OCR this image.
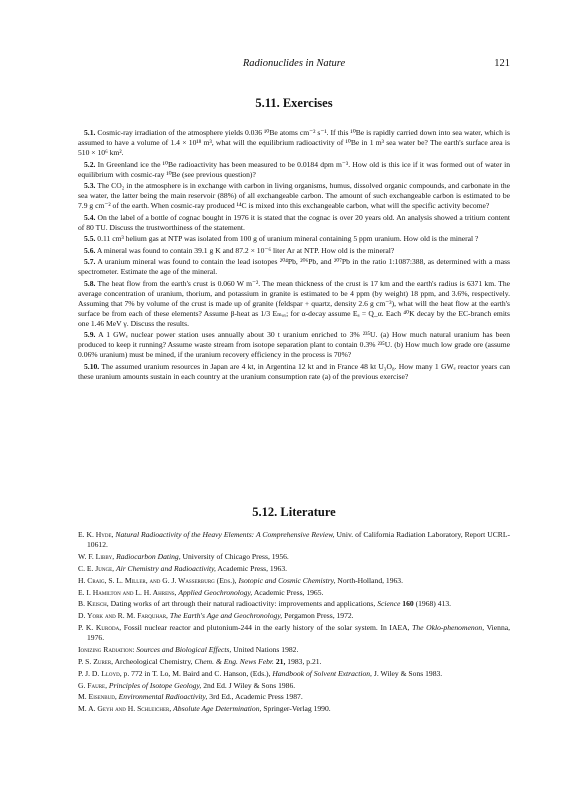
Radionuclides in Nature	121
5.11. Exercises

5.1. Cosmic-ray irradiation of the atmosphere yields 0.036 ¹⁰Be atoms cm⁻² s⁻¹. If this ¹⁰Be is rapidly carried down into sea water, which is assumed to have a volume of 1.4 × 10¹⁸ m³, what will the equilibrium radioactivity of ¹⁰Be in 1 m³ sea water be? The earth's surface area is 510 × 10⁶ km².

5.2. In Greenland ice the ¹⁰Be radioactivity has been measured to be 0.0184 dpm m⁻³. How old is this ice if it was formed out of water in equilibrium with cosmic-ray ¹⁰Be (see previous question)?

5.3. The CO₂ in the atmosphere is in exchange with carbon in living organisms, humus, dissolved organic compounds, and carbonate in the sea water, the latter being the main reservoir (88%) of all exchangeable carbon. The amount of such exchangeable carbon is estimated to be 7.9 g cm⁻² of the earth. When cosmic-ray produced ¹⁴C is mixed into this exchangeable carbon, what will the specific activity become?

5.4. On the label of a bottle of cognac bought in 1976 it is stated that the cognac is over 20 years old. An analysis showed a tritium content of 80 TU. Discuss the trustworthiness of the statement.

5.5. 0.11 cm³ helium gas at NTP was isolated from 100 g of uranium mineral containing 5 ppm uranium. How old is the mineral ?

5.6. A mineral was found to contain 39.1 g K and 87.2 × 10⁻⁶ liter Ar at NTP. How old is the mineral?

5.7. A uranium mineral was found to contain the lead isotopes ²⁰⁴Pb, ²⁰⁶Pb, and ²⁰⁷Pb in the ratio 1:1087:388, as determined with a mass spectrometer. Estimate the age of the mineral.

5.8. The heat flow from the earth's crust is 0.060 W m⁻². The mean thickness of the crust is 17 km and the earth's radius is 6371 km. The average concentration of uranium, thorium, and potassium in granite is estimated to be 4 ppm (by weight) 18 ppm, and 3.6%, respectively. Assuming that 7% by volume of the crust is made up of granite (feldspar + quartz, density 2.6 g cm⁻³), what will the heat flow at the earth's surface be from each of these elements? Assume β-heat as 1/3 Eₘₐₓ; for α-decay assume Eₐ = Q_α. Each ⁴⁰K decay by the EC-branch emits one 1.46 MeV γ. Discuss the results.

5.9. A 1 GWₑ nuclear power station uses annually about 30 t uranium enriched to 3% ²³⁵U. (a) How much natural uranium has been produced to keep it running? Assume waste stream from isotope separation plant to contain 0.3% ²³⁵U. (b) How much low grade ore (assume 0.06% uranium) must be mined, if the uranium recovery efficiency in the process is 70%?

5.10. The assumed uranium resources in Japan are 4 kt, in Argentina 12 kt and in France 48 kt U₃O₈. How many 1 GWₑ reactor years can these uranium amounts sustain in each country at the uranium consumption rate (a) of the previous exercise?

5.12. Literature

E. K. Hyde, Natural Radioactivity of the Heavy Elements: A Comprehensive Review, Univ. of California Radiation Laboratory, Report UCRL-10612.

W. F. Libby, Radiocarbon Dating, University of Chicago Press, 1956.

C. E. Junge, Air Chemistry and Radioactivity, Academic Press, 1963.

H. Craig, S. L. Miller, and G. J. Wasserburg (Eds.), Isotopic and Cosmic Chemistry, North-Holland, 1963.

E. I. Hamilton and L. H. Ahrens, Applied Geochronology, Academic Press, 1965.

B. Keisch, Dating works of art through their natural radioactivity: improvements and applications, Science 160 (1968) 413.

D. York and R. M. Farquhar, The Earth's Age and Geochronology, Pergamon Press, 1972.

P. K. Kuroda, Fossil nuclear reactor and plutonium-244 in the early history of the solar system. In IAEA, The Oklo-phenomenon, Vienna, 1976.

Ionizing Radiation: Sources and Biological Effects, United Nations 1982.

P. S. Zurer, Archeological Chemistry, Chem. & Eng. News Febr. 21, 1983, p.21.

P. J. D. Lloyd, p. 772 in T. Lo, M. Baird and C. Hanson, (Eds.), Handbook of Solvent Extraction, J. Wiley & Sons 1983.

G. Faure, Principles of Isotope Geology, 2nd Ed. J Wiley & Sons 1986.

M. Eisenbud, Environmental Radioactivity, 3rd Ed., Academic Press 1987.

M. A. Geyh and H. Schleicher, Absolute Age Determination, Springer-Verlag 1990.
